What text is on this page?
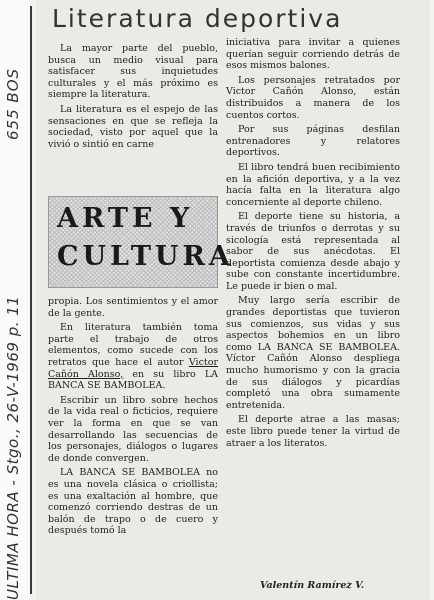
ULTIMA HORA - Stgo., 26-V-1969 p. 11
655 BOS
Literatura deportiva

La mayor parte del pueblo, busca un medio visual para satisfacer sus inquietudes culturales y el más próximo es siempre la literatura.

La literatura es el espejo de las sensaciones en que se refleja la sociedad, visto por aquel que la vivió o sintió en carne

ARTE Y
CULTURA

propia. Los sentimientos y el amor de la gente.

En literatura también toma parte el trabajo de otros elementos, como sucede con los retratos que hace el autor Victor Cañón Alonso, en su libro LA BANCA SE BAMBOLEA.

Escribir un libro sobre hechos de la vida real o ficticios, requiere ver la forma en que se van desarrollando las secuencias de los personajes, diálogos o lugares de donde convergen.

LA BANCA SE BAMBOLEA no es una novela clásica o criollista; es una exaltación al hombre, que comenzó corriendo destras de un balón de trapo o de cuero y después tomó la

iniciativa para invitar a quienes querían seguir corriendo detrás de esos mismos balones.

Los personajes retratados por Victor Cañón Alonso, están distribuidos a manera de los cuentos cortos.

Por sus páginas desfilan entrenadores y relatores deportivos.

El libro tendrá buen recibimiento en la afición deportiva, y a la vez hacía falta en la literatura algo concerniente al deporte chileno.

El deporte tiene su historia, a través de triunfos o derrotas y su sicología está representada al sabor de sus anécdotas. El deportista comienza desde abajo y sube con constante incertidumbre. Le puede ir bien o mal.

Muy largo sería escribir de grandes deportistas que tuvieron sus comienzos, sus vidas y sus aspectos bohemios en un libro como LA BANCA SE BAMBOLEA. Víctor Cañón Alonso despliega mucho humorismo y con la gracia de sus diálogos y picardías completó una obra sumamente entretenida.

El deporte atrae a las masas; este libro puede tener la virtud de atraer a los literatos.

Valentín Ramírez V.
